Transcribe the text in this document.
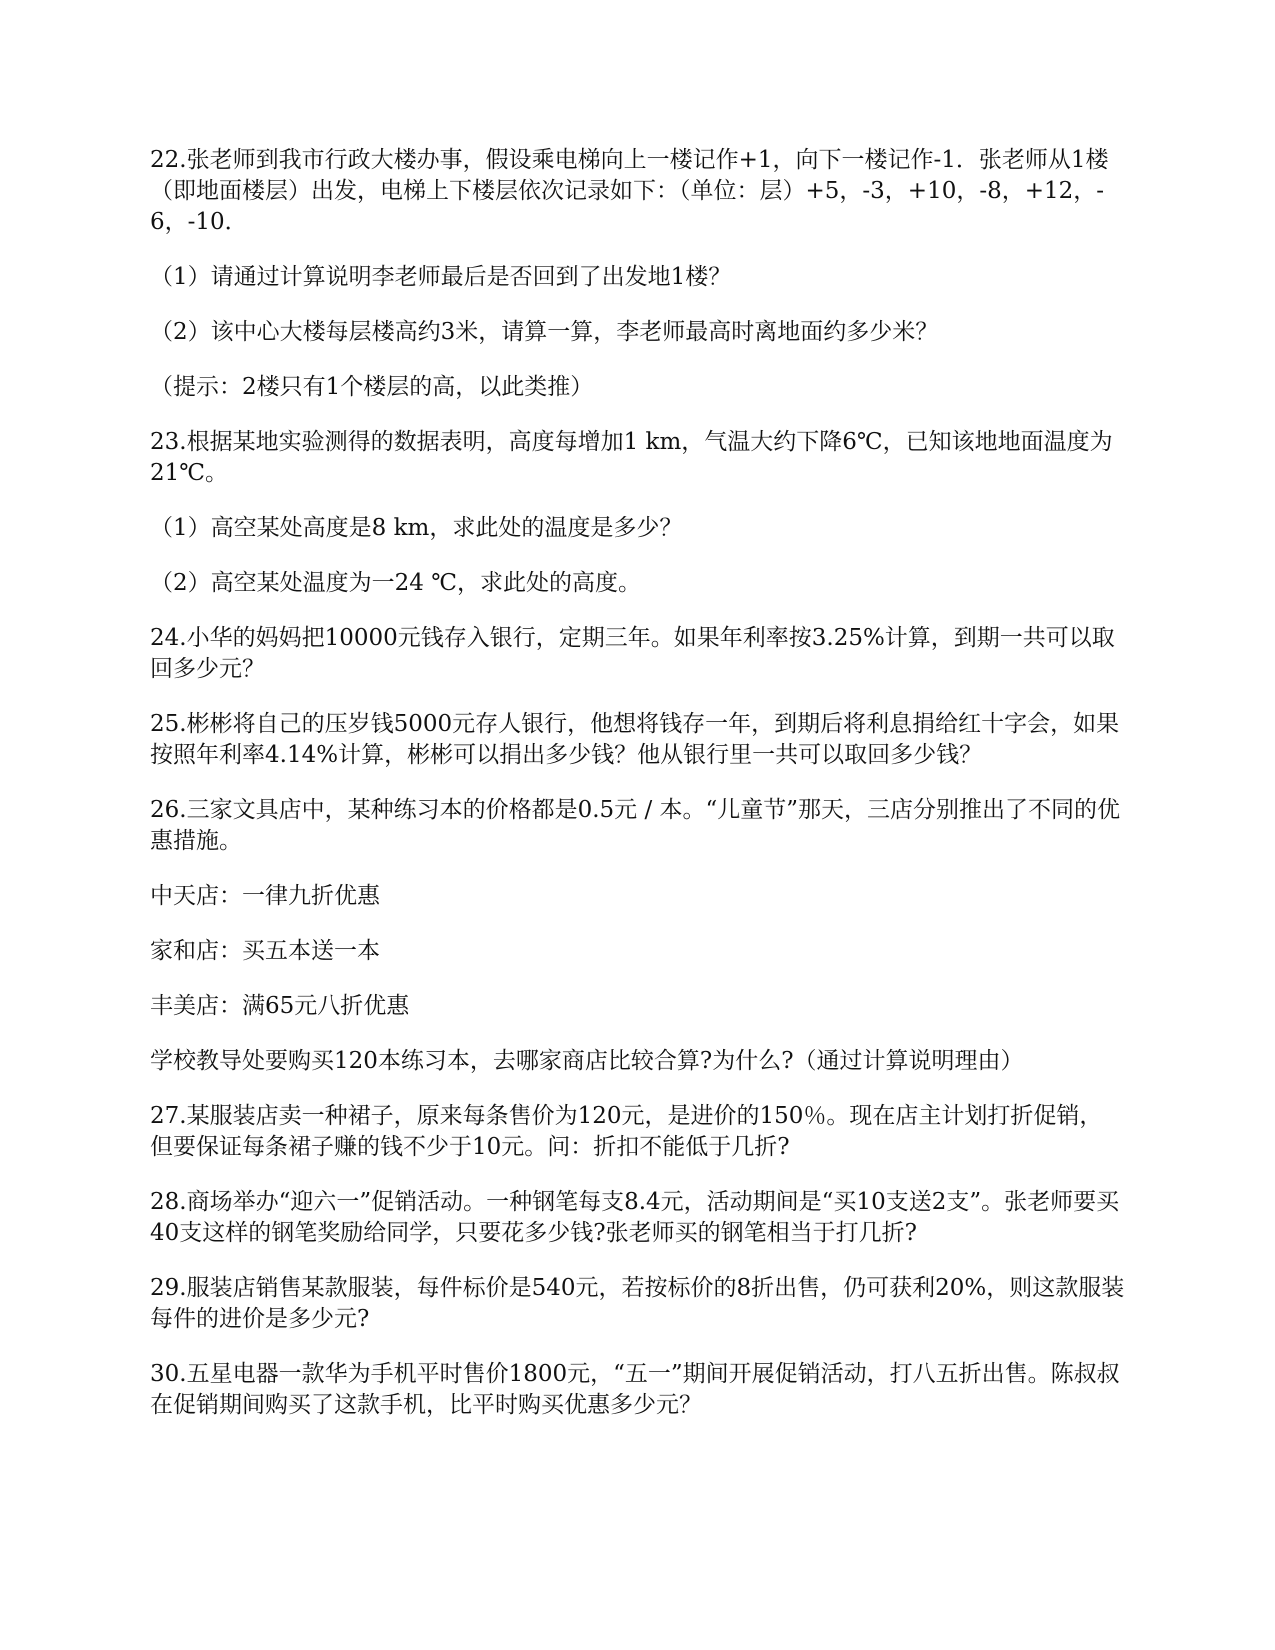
22.张老师到我市行政大楼办事，假设乘电梯向上一楼记作+1，向下一楼记作-1．张老师从1楼（即地面楼层）出发，电梯上下楼层依次记录如下：（单位：层）+5，-3，+10，-8，+12，-6，-10．

（1）请通过计算说明李老师最后是否回到了出发地1楼？

（2）该中心大楼每层楼高约3米，请算一算，李老师最高时离地面约多少米？

（提示：2楼只有1个楼层的高，以此类推）

23.根据某地实验测得的数据表明，高度每增加1 km，气温大约下降6℃，已知该地地面温度为21℃。

（1）高空某处高度是8 km，求此处的温度是多少？

（2）高空某处温度为一24 ℃，求此处的高度。

24.小华的妈妈把10000元钱存入银行，定期三年。如果年利率按3.25%计算，到期一共可以取回多少元？

25.彬彬将自己的压岁钱5000元存人银行，他想将钱存一年，到期后将利息捐给红十字会，如果按照年利率4.14%计算，彬彬可以捐出多少钱？他从银行里一共可以取回多少钱？

26.三家文具店中，某种练习本的价格都是0.5元 / 本。“儿童节”那天，三店分别推出了不同的优惠措施。

中天店：一律九折优惠

家和店：买五本送一本

丰美店：满65元八折优惠

学校教导处要购买120本练习本，去哪家商店比较合算?为什么?（通过计算说明理由）

27.某服装店卖一种裙子，原来每条售价为120元，是进价的150％。现在店主计划打折促销，但要保证每条裙子赚的钱不少于10元。问：折扣不能低于几折?

28.商场举办“迎六一”促销活动。一种钢笔每支8.4元，活动期间是“买10支送2支”。张老师要买40支这样的钢笔奖励给同学，只要花多少钱?张老师买的钢笔相当于打几折?

29.服装店销售某款服装，每件标价是540元，若按标价的8折出售，仍可获利20%，则这款服装每件的进价是多少元?

30.五星电器一款华为手机平时售价1800元，“五一”期间开展促销活动，打八五折出售。陈叔叔在促销期间购买了这款手机，比平时购买优惠多少元？
